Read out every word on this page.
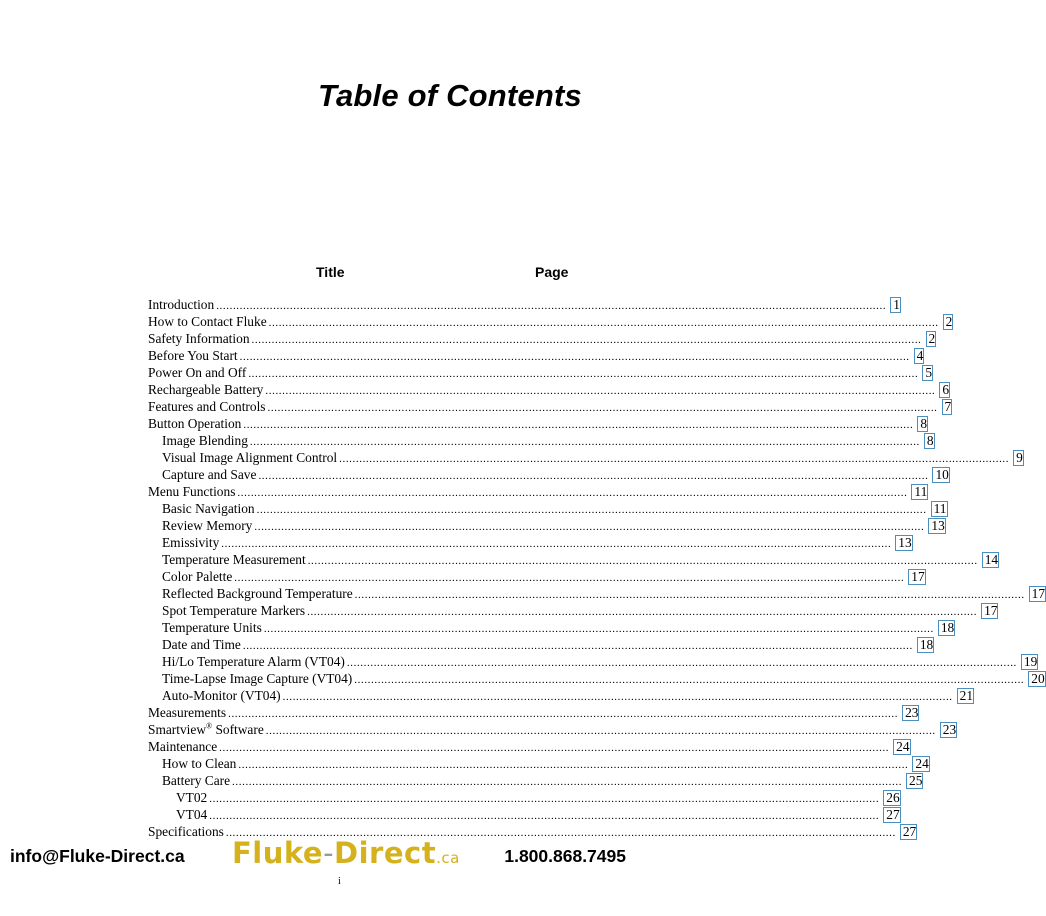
Table of Contents
Title	Page
Introduction ........................................................................................................................................................................................................ 1
How to Contact Fluke ........................................................................................................................................................................................................ 2
Safety Information ........................................................................................................................................................................................................ 2
Before You Start ........................................................................................................................................................................................................ 4
Power On and Off ........................................................................................................................................................................................................ 5
Rechargeable Battery ........................................................................................................................................................................................................ 6
Features and Controls ........................................................................................................................................................................................................ 7
Button Operation ........................................................................................................................................................................................................ 8
Image Blending ........................................................................................................................................................................................................ 8
Visual Image Alignment Control ........................................................................................................................................................................................................ 9
Capture and Save ........................................................................................................................................................................................................ 10
Menu Functions ........................................................................................................................................................................................................ 11
Basic Navigation ........................................................................................................................................................................................................ 11
Review Memory ........................................................................................................................................................................................................ 13
Emissivity ........................................................................................................................................................................................................ 13
Temperature Measurement ........................................................................................................................................................................................................ 14
Color Palette ........................................................................................................................................................................................................ 17
Reflected Background Temperature ........................................................................................................................................................................................................ 17
Spot Temperature Markers ........................................................................................................................................................................................................ 17
Temperature Units ........................................................................................................................................................................................................ 18
Date and Time ........................................................................................................................................................................................................ 18
Hi/Lo Temperature Alarm (VT04) ........................................................................................................................................................................................................ 19
Time-Lapse Image Capture (VT04) ........................................................................................................................................................................................................ 20
Auto-Monitor (VT04) ........................................................................................................................................................................................................ 21
Measurements ........................................................................................................................................................................................................ 23
Smartview® Software ........................................................................................................................................................................................................ 23
Maintenance ........................................................................................................................................................................................................ 24
How to Clean ........................................................................................................................................................................................................ 24
Battery Care ........................................................................................................................................................................................................ 25
VT02 ........................................................................................................................................................................................................ 26
VT04 ........................................................................................................................................................................................................ 27
Specifications ........................................................................................................................................................................................................ 27
info@Fluke-Direct.ca Fluke-Direct.ca	1.800.868.7495
i
